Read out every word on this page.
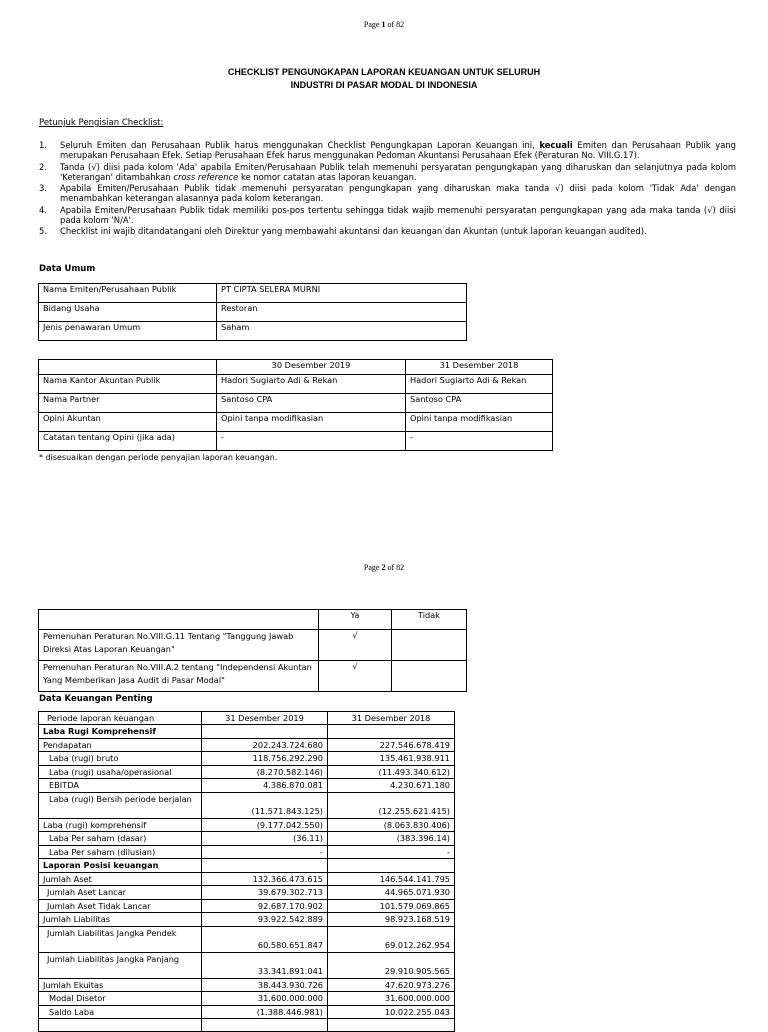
Page 1 of 82
CHECKLIST PENGUNGKAPAN LAPORAN KEUANGAN UNTUK SELURUH
INDUSTRI DI PASAR MODAL DI INDONESIA
Petunjuk Pengisian Checklist:
1. Seluruh Emiten dan Perusahaan Publik harus menggunakan Checklist Pengungkapan Laporan Keuangan ini, kecuali Emiten dan Perusahaan Publik yang merupakan Perusahaan Efek. Setiap Perusahaan Efek harus menggunakan Pedoman Akuntansi Perusahaan Efek (Peraturan No. VIII.G.17).
2. Tanda (√) diisi pada kolom 'Ada' apabila Emiten/Perusahaan Publik telah memenuhi persyaratan pengungkapan yang diharuskan dan selanjutnya pada kolom 'Keterangan' ditambahkan cross reference ke nomor catatan atas laporan keuangan.
3. Apabila Emiten/Perusahaan Publik tidak memenuhi persyaratan pengungkapan yang diharuskan maka tanda √) diisi pada kolom 'Tidak Ada' dengan menambahkan keterangan alasannya pada kolom keterangan.
4. Apabila Emiten/Perusahaan Publik tidak memiliki pos-pos tertentu sehingga tidak wajib memenuhi persyaratan pengungkapan yang ada maka tanda (√) diisi pada kolom 'N/A'.
5. Checklist ini wajib ditandatangani oleh Direktur yang membawahi akuntansi dan keuangan dan Akuntan (untuk laporan keuangan audited).
Data Umum
Nama Emiten/Perusahaan Publik	PT CIPTA SELERA MURNI
Bidang Usaha	Restoran
Jenis penawaran Umum	Saham
	30 Desember 2019	31 Desember 2018
Nama Kantor Akuntan Publik	Hadori Sugiarto Adi & Rekan	Hadori Sugiarto Adi & Rekan
Nama Partner	Santoso CPA	Santoso CPA
Opini Akuntan	Opini tanpa modifikasian	Opini tanpa modifikasian
Catatan tentang Opini (jika ada)	-	-
* disesuaikan dengan periode penyajian laporan keuangan.
Page 2 of 82
	Ya	Tidak
Pemenuhan Peraturan No.VIII.G.11 Tentang "Tanggung Jawab Direksi Atas Laporan Keuangan"	√	
Pemenuhan Peraturan No.VIII.A.2 tentang "Independensi Akuntan Yang Memberikan Jasa Audit di Pasar Modal"	√	
Data Keuangan Penting
Periode laporan keuangan	31 Desember 2019	31 Desember 2018
Laba Rugi Komprehensif		
Pendapatan	202.243.724.680	227.546.678.419
Laba (rugi) bruto	118.756.292.290	135.461.938.911
Laba (rugi) usaha/operasional	(8.270.582.146)	(11.493.340.612)
EBITDA	4.386.870.081	4.230.671.180
Laba (rugi) Bersih periode berjalan	(11.571.843.125)	(12.255.621.415)
Laba (rugi) komprehensif	(9.177.042.550)	(8.063.830.406)
Laba Per saham (dasar)	(36.11)	(383.396.14)
Laba Per saham (dilusian)	-	-
Laporan Posisi keuangan		
Jumlah Aset	132.366.473.615	146.544.141.795
Jumlah Aset Lancar	39.679.302.713	44.965.071.930
Jumlah Aset Tidak Lancar	92.687.170.902	101.579.069.865
Jumlah Liabilitas	93.922.542.889	98.923.168.519
Jumlah Liabilitas Jangka Pendek	60.580.651.847	69.012.262.954
Jumlah Liabilitas Jangka Panjang	33.341.891.041	29.910.905.565
Jumlah Ekuitas	38.443.930.726	47.620.973.276
Modal Disetor	31.600.000.000	31.600.000.000
Saldo Laba	(1.388.446.981)	10.022.255.043
